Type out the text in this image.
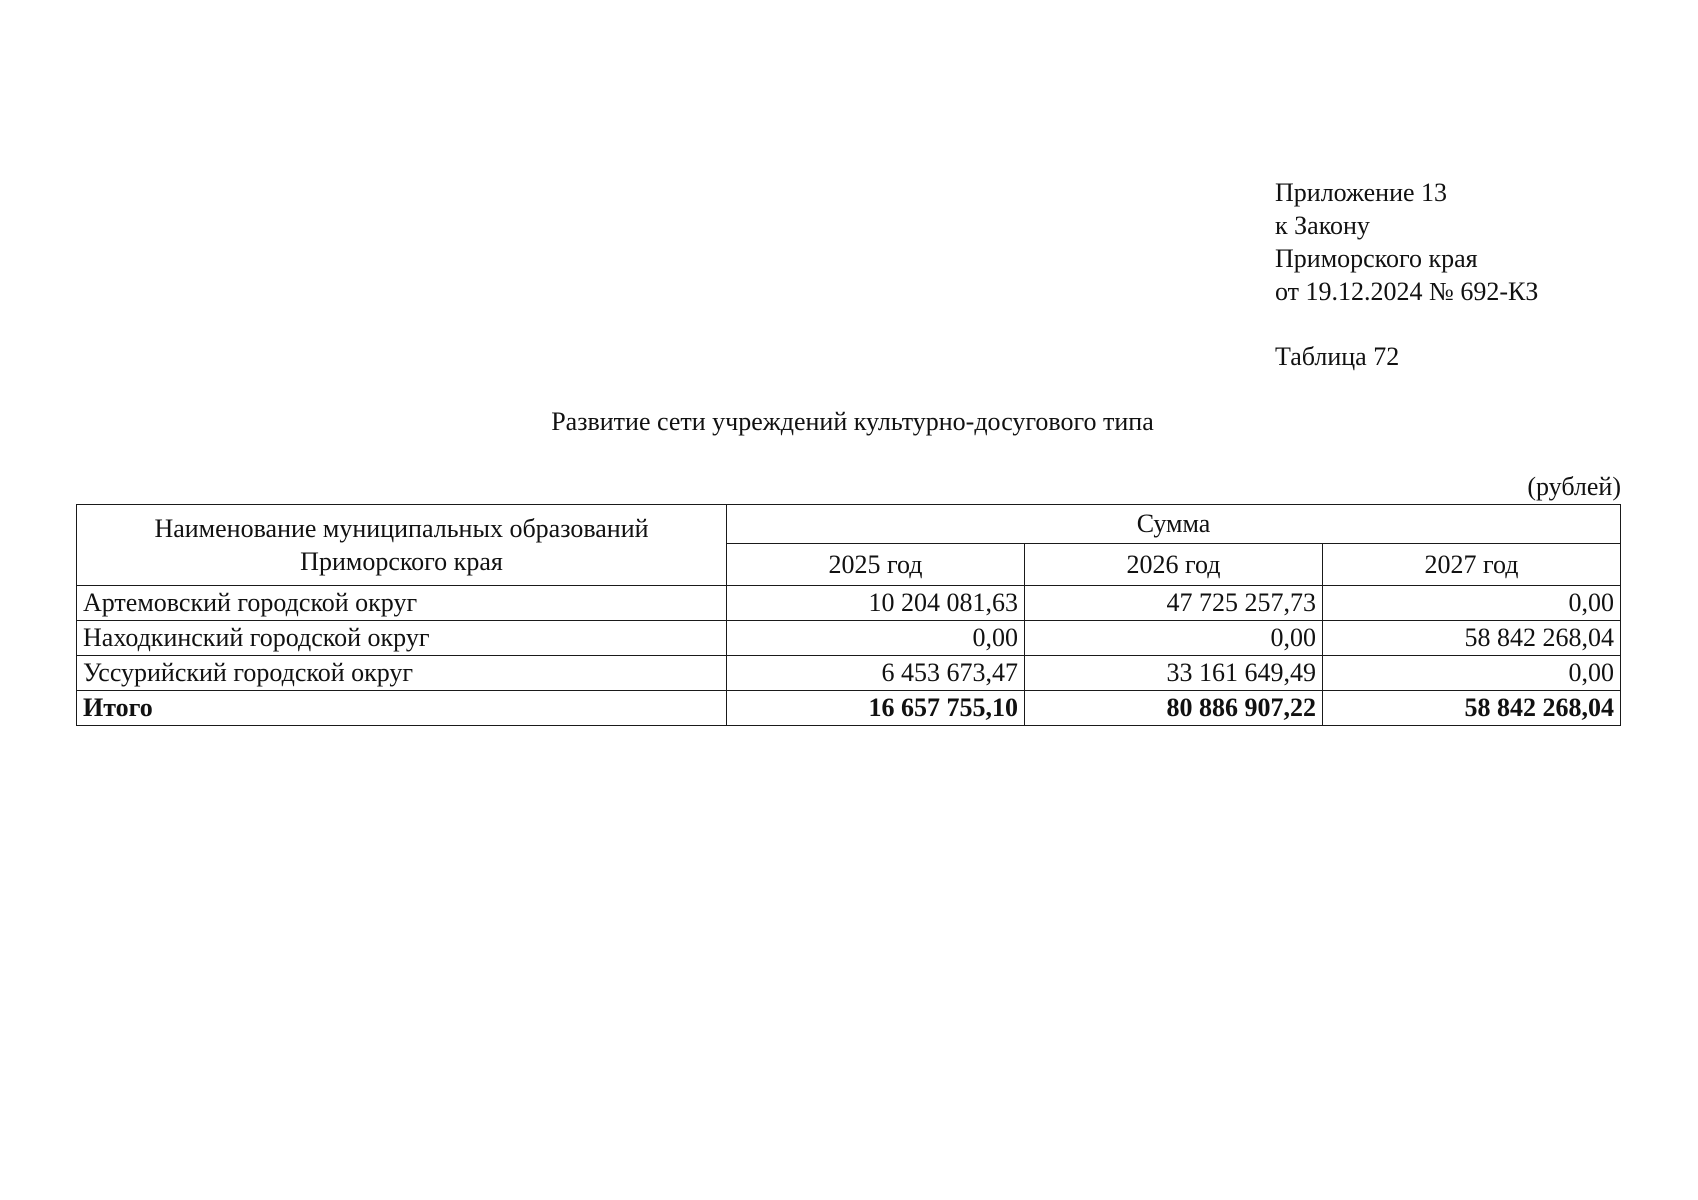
Приложение 13
к Закону
Приморского края
от 19.12.2024 № 692-КЗ
Таблица 72
Развитие сети учреждений культурно-досугового типа
(рублей)
Наименование муниципальных образований
Приморского края	Сумма		
	2025 год	2026 год	2027 год
Артемовский городской округ	10 204 081,63	47 725 257,73	0,00
Находкинский городской округ	0,00	0,00	58 842 268,04
Уссурийский городской округ	6 453 673,47	33 161 649,49	0,00
Итого	16 657 755,10	80 886 907,22	58 842 268,04
